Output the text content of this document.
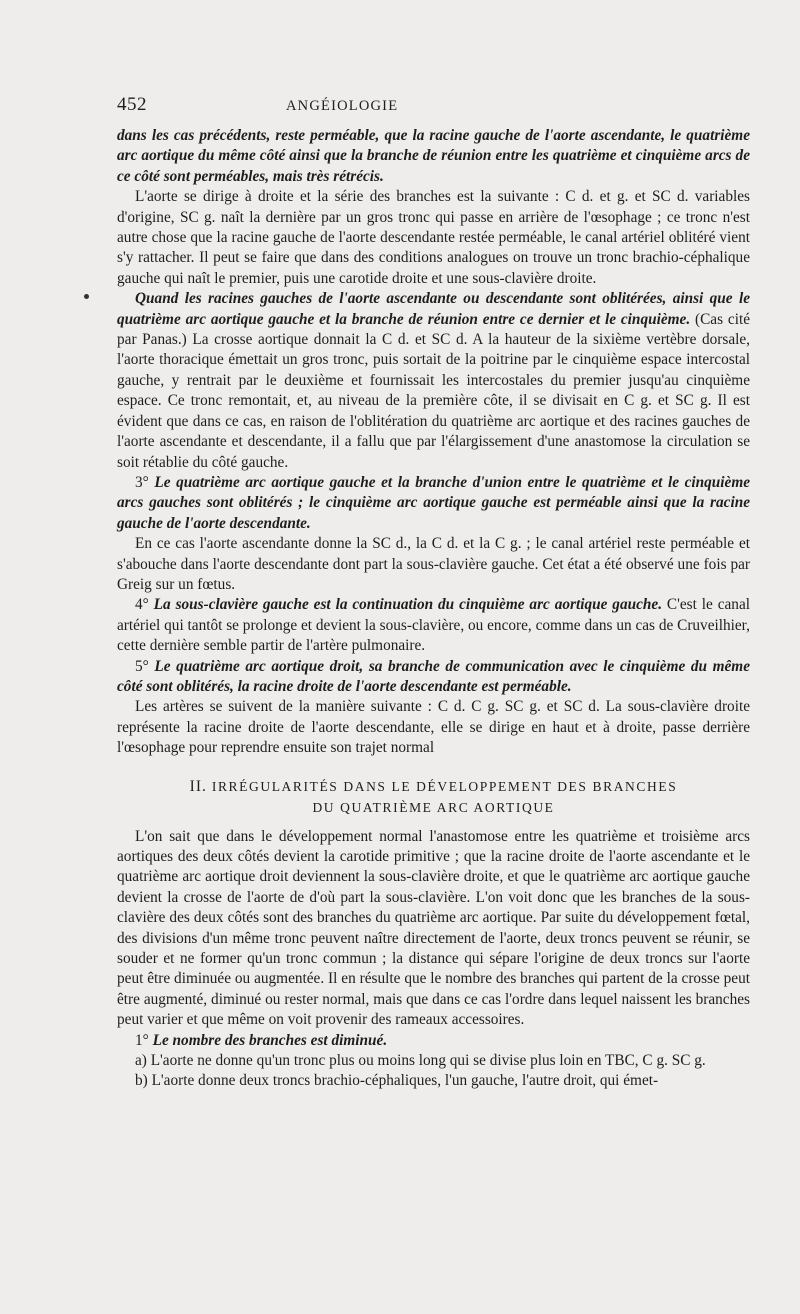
452	ANGÉIOLOGIE

dans les cas précédents, reste perméable, que la racine gauche de l'aorte ascendante, le quatrième arc aortique du même côté ainsi que la branche de réunion entre les quatrième et cinquième arcs de ce côté sont perméables, mais très rétrécis.

L'aorte se dirige à droite et la série des branches est la suivante : C d. et g. et SC d. variables d'origine, SC g. naît la dernière par un gros tronc qui passe en arrière de l'œsophage ; ce tronc n'est autre chose que la racine gauche de l'aorte descendante restée perméable, le canal artériel oblitéré vient s'y rattacher. Il peut se faire que dans des conditions analogues on trouve un tronc brachio-céphalique gauche qui naît le premier, puis une carotide droite et une sous-clavière droite.

Quand les racines gauches de l'aorte ascendante ou descendante sont oblitérées, ainsi que le quatrième arc aortique gauche et la branche de réunion entre ce dernier et le cinquième. (Cas cité par Panas.) La crosse aortique donnait la C d. et SC d. A la hauteur de la sixième vertèbre dorsale, l'aorte thoracique émettait un gros tronc, puis sortait de la poitrine par le cinquième espace intercostal gauche, y rentrait par le deuxième et fournissait les intercostales du premier jusqu'au cinquième espace. Ce tronc remontait, et, au niveau de la première côte, il se divisait en C g. et SC g. Il est évident que dans ce cas, en raison de l'oblitération du quatrième arc aortique et des racines gauches de l'aorte ascendante et descendante, il a fallu que par l'élargissement d'une anastomose la circulation se soit rétablie du côté gauche.

3° Le quatrième arc aortique gauche et la branche d'union entre le quatrième et le cinquième arcs gauches sont oblitérés ; le cinquième arc aortique gauche est perméable ainsi que la racine gauche de l'aorte descendante.

En ce cas l'aorte ascendante donne la SC d., la C d. et la C g. ; le canal artériel reste perméable et s'abouche dans l'aorte descendante dont part la sous-clavière gauche. Cet état a été observé une fois par Greig sur un fœtus.

4° La sous-clavière gauche est la continuation du cinquième arc aortique gauche. C'est le canal artériel qui tantôt se prolonge et devient la sous-clavière, ou encore, comme dans un cas de Cruveilhier, cette dernière semble partir de l'artère pulmonaire.

5° Le quatrième arc aortique droit, sa branche de communication avec le cinquième du même côté sont oblitérés, la racine droite de l'aorte descendante est perméable.

Les artères se suivent de la manière suivante : C d. C g. SC g. et SC d. La sous-clavière droite représente la racine droite de l'aorte descendante, elle se dirige en haut et à droite, passe derrière l'œsophage pour reprendre ensuite son trajet normal

II. IRRÉGULARITÉS DANS LE DÉVELOPPEMENT DES BRANCHES
DU QUATRIÈME ARC AORTIQUE

L'on sait que dans le développement normal l'anastomose entre les quatrième et troisième arcs aortiques des deux côtés devient la carotide primitive ; que la racine droite de l'aorte ascendante et le quatrième arc aortique droit deviennent la sous-clavière droite, et que le quatrième arc aortique gauche devient la crosse de l'aorte de d'où part la sous-clavière. L'on voit donc que les branches de la sous-clavière des deux côtés sont des branches du quatrième arc aortique. Par suite du développement fœtal, des divisions d'un même tronc peuvent naître directement de l'aorte, deux troncs peuvent se réunir, se souder et ne former qu'un tronc commun ; la distance qui sépare l'origine de deux troncs sur l'aorte peut être diminuée ou augmentée. Il en résulte que le nombre des branches qui partent de la crosse peut être augmenté, diminué ou rester normal, mais que dans ce cas l'ordre dans lequel naissent les branches peut varier et que même on voit provenir des rameaux accessoires.

1° Le nombre des branches est diminué.

a) L'aorte ne donne qu'un tronc plus ou moins long qui se divise plus loin en TBC, C g. SC g.

b) L'aorte donne deux troncs brachio-céphaliques, l'un gauche, l'autre droit, qui émet-
